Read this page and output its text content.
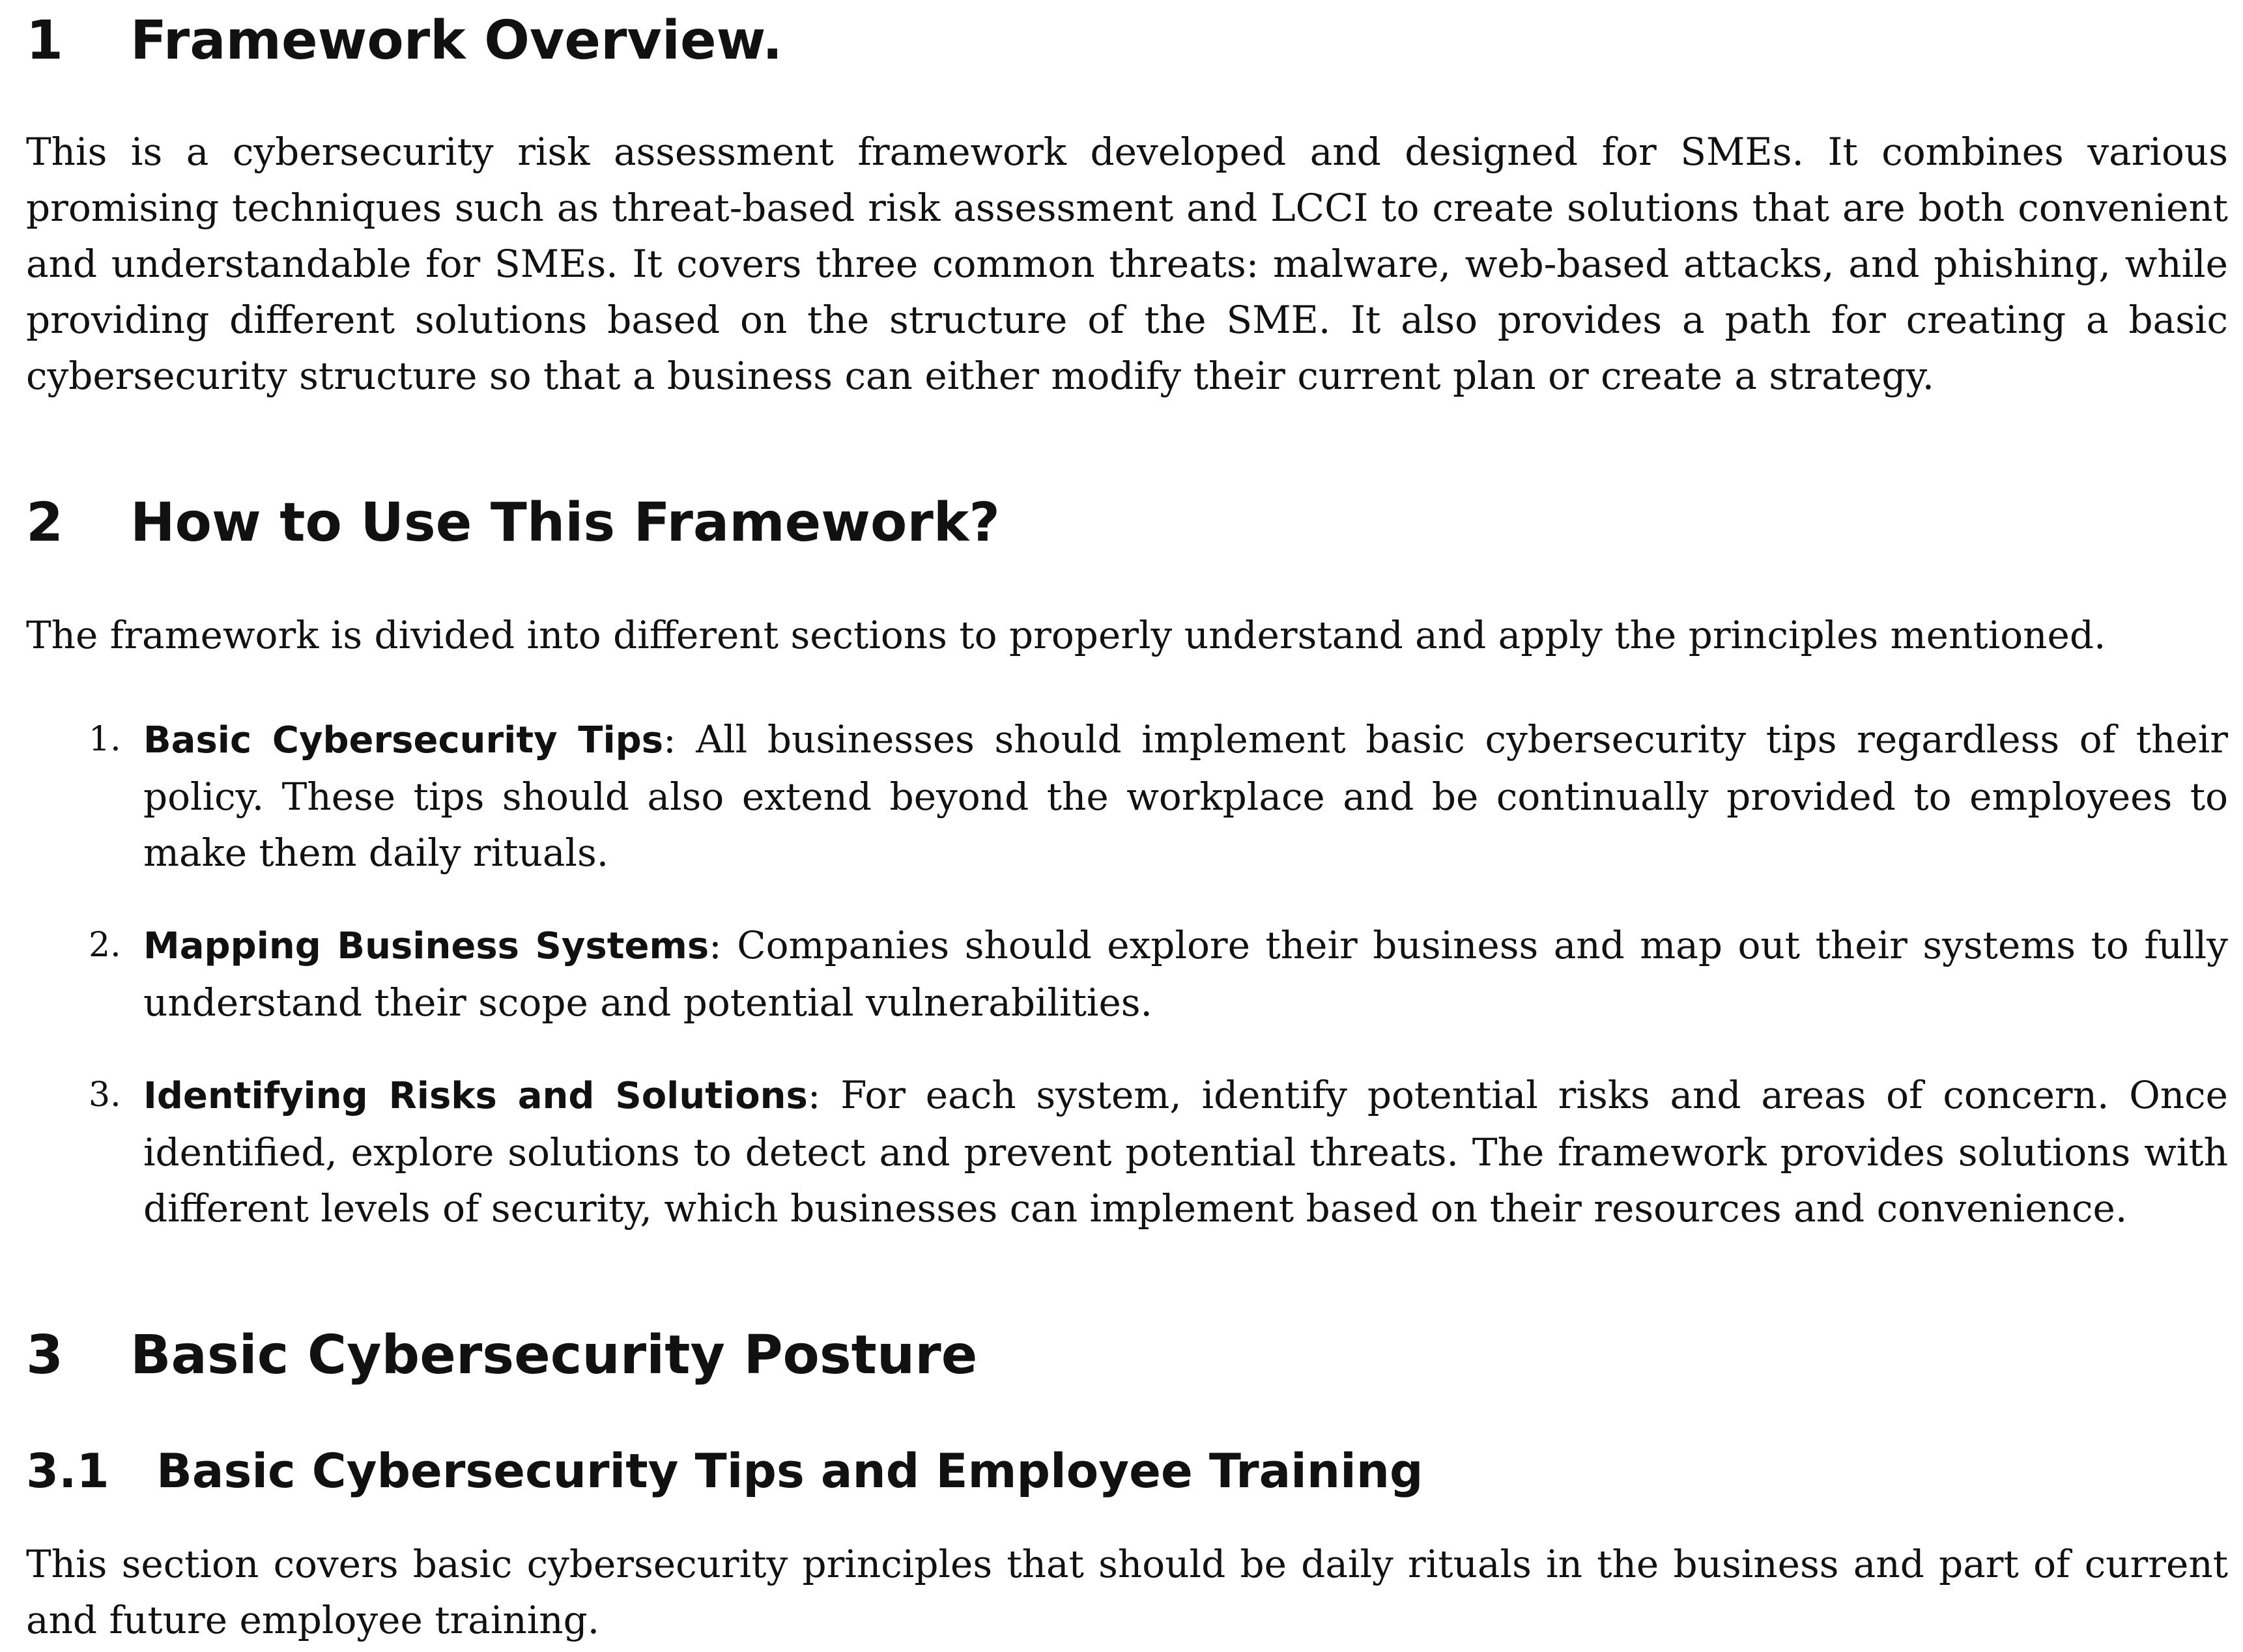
1 Framework Overview.

This is a cybersecurity risk assessment framework developed and designed for SMEs. It combines various promising techniques such as threat-based risk assessment and LCCI to create solutions that are both convenient and understandable for SMEs. It covers three common threats: malware, web-based attacks, and phishing, while providing different solutions based on the structure of the SME. It also provides a path for creating a basic cybersecurity structure so that a business can either modify their current plan or create a strategy.

2 How to Use This Framework?

The framework is divided into different sections to properly understand and apply the principles mentioned.

1. Basic Cybersecurity Tips: All businesses should implement basic cybersecurity tips regardless of their policy. These tips should also extend beyond the workplace and be continually provided to employees to make them daily rituals.
2. Mapping Business Systems: Companies should explore their business and map out their systems to fully understand their scope and potential vulnerabilities.
3. Identifying Risks and Solutions: For each system, identify potential risks and areas of concern. Once identified, explore solutions to detect and prevent potential threats. The framework provides solutions with different levels of security, which businesses can implement based on their resources and convenience.
3 Basic Cybersecurity Posture
3.1 Basic Cybersecurity Tips and Employee Training

This section covers basic cybersecurity principles that should be daily rituals in the business and part of current and future employee training.
